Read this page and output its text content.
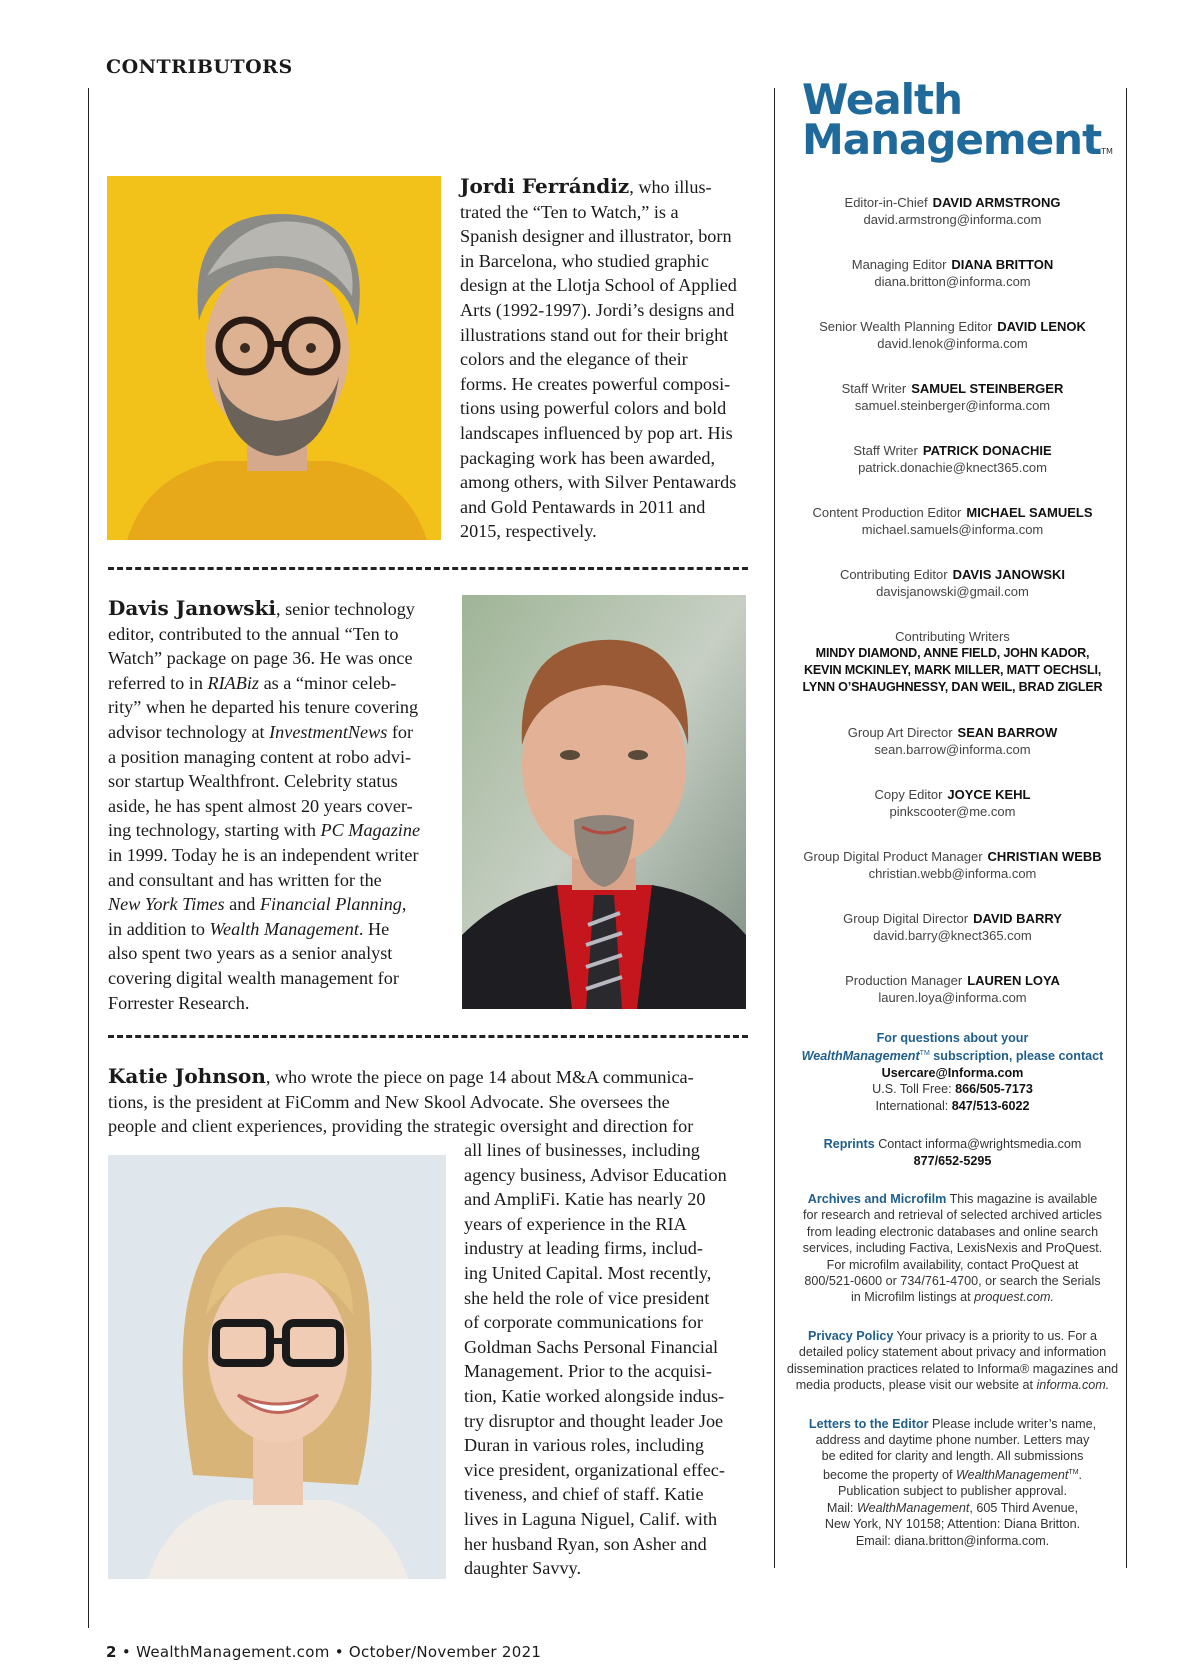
CONTRIBUTORS
Jordi Ferrándiz, who illus-
trated the “Ten to Watch,” is a
Spanish designer and illustrator, born
in Barcelona, who studied graphic
design at the Llotja School of Applied
Arts (1992-1997). Jordi’s designs and
illustrations stand out for their bright
colors and the elegance of their
forms. He creates powerful composi-
tions using powerful colors and bold
landscapes influenced by pop art. His
packaging work has been awarded,
among others, with Silver Pentawards
and Gold Pentawards in 2011 and
2015, respectively.
Davis Janowski, senior technology
editor, contributed to the annual “Ten to
Watch” package on page 36. He was once
referred to in RIABiz as a “minor celeb-
rity” when he departed his tenure covering
advisor technology at InvestmentNews for
a position managing content at robo advi-
sor startup Wealthfront. Celebrity status
aside, he has spent almost 20 years cover-
ing technology, starting with PC Magazine
in 1999. Today he is an independent writer
and consultant and has written for the
New York Times and Financial Planning,
in addition to Wealth Management. He
also spent two years as a senior analyst
covering digital wealth management for
Forrester Research.
Katie Johnson, who wrote the piece on page 14 about M&A communica-
tions, is the president at FiComm and New Skool Advocate. She oversees the
people and client experiences, providing the strategic oversight and direction for
all lines of businesses, including
agency business, Advisor Education
and AmpliFi. Katie has nearly 20
years of experience in the RIA
industry at leading firms, includ-
ing United Capital. Most recently,
she held the role of vice president
of corporate communications for
Goldman Sachs Personal Financial
Management. Prior to the acquisi-
tion, Katie worked alongside indus-
try disruptor and thought leader Joe
Duran in various roles, including
vice president, organizational effec-
tiveness, and chief of staff. Katie
lives in Laguna Niguel, Calif. with
her husband Ryan, son Asher and
daughter Savvy.
Wealth
ManagementTM
Editor-in-Chief DAVID ARMSTRONG
david.armstrong@informa.com
Managing Editor DIANA BRITTON
diana.britton@informa.com
Senior Wealth Planning Editor DAVID LENOK
david.lenok@informa.com
Staff Writer SAMUEL STEINBERGER
samuel.steinberger@informa.com
Staff Writer PATRICK DONACHIE
patrick.donachie@knect365.com
Content Production Editor MICHAEL SAMUELS
michael.samuels@informa.com
Contributing Editor DAVIS JANOWSKI
davisjanowski@gmail.com
Contributing Writers
MINDY DIAMOND, ANNE FIELD, JOHN KADOR,
KEVIN MCKINLEY, MARK MILLER, MATT OECHSLI,
LYNN O’SHAUGHNESSY, DAN WEIL, BRAD ZIGLER
Group Art Director SEAN BARROW
sean.barrow@informa.com
Copy Editor JOYCE KEHL
pinkscooter@me.com
Group Digital Product Manager CHRISTIAN WEBB
christian.webb@informa.com
Group Digital Director DAVID BARRY
david.barry@knect365.com
Production Manager LAUREN LOYA
lauren.loya@informa.com
For questions about your
WealthManagement™ subscription, please contact
Usercare@Informa.com
U.S. Toll Free: 866/505-7173
International: 847/513-6022
Reprints Contact informa@wrightsmedia.com
877/652-5295
Archives and Microfilm This magazine is available
for research and retrieval of selected archived articles
from leading electronic databases and online search
services, including Factiva, LexisNexis and ProQuest.
For microfilm availability, contact ProQuest at
800/521-0600 or 734/761-4700, or search the Serials
in Microfilm listings at proquest.com.
Privacy Policy Your privacy is a priority to us. For a
detailed policy statement about privacy and information
dissemination practices related to Informa® magazines and
media products, please visit our website at informa.com.
Letters to the Editor Please include writer’s name,
address and daytime phone number. Letters may
be edited for clarity and length. All submissions
become the property of WealthManagement™.
Publication subject to publisher approval.
Mail: WealthManagement, 605 Third Avenue,
New York, NY 10158; Attention: Diana Britton.
Email: diana.britton@informa.com.
2 • WealthManagement.com • October/November 2021
